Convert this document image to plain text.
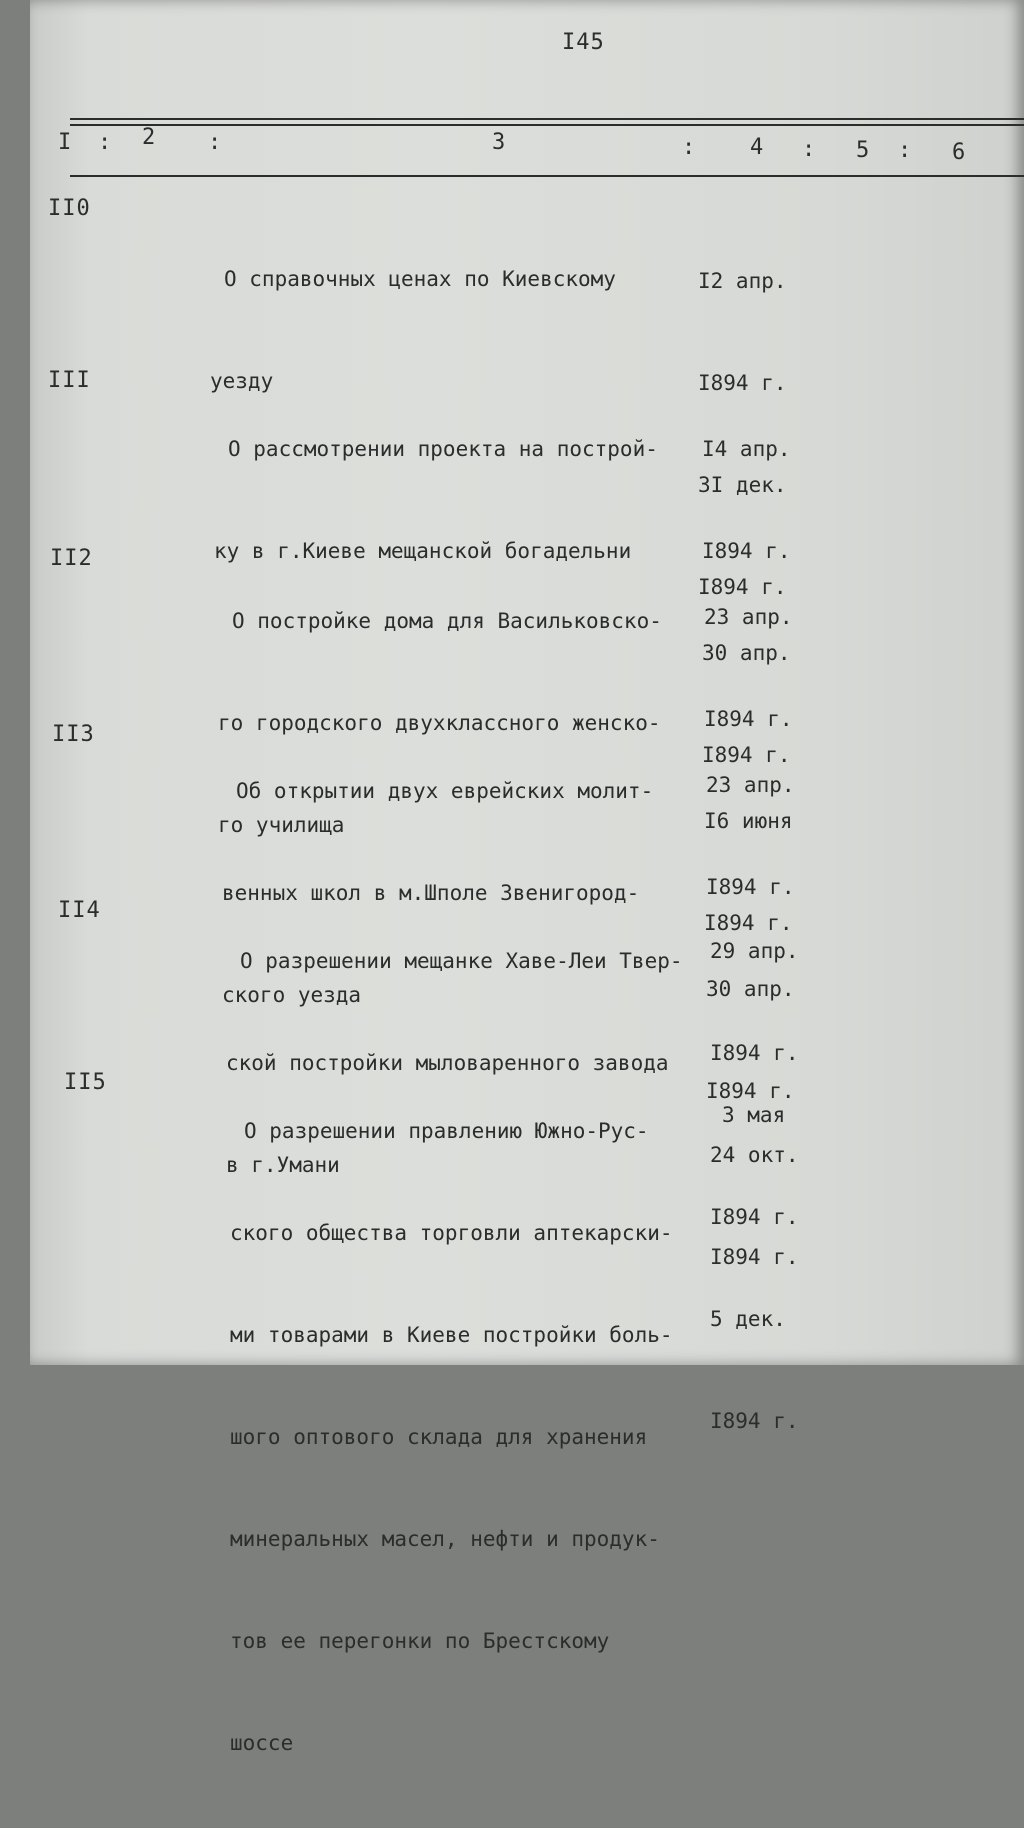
I45
I : 2 :	3	: 4 : 5 : 6
II0

О справочных ценах по Киевскому

уезду

I2 апр.

I894 г.

3I дек.

I894 г.

III

О рассмотрении проекта на построй-

ку в г.Киеве мещанской богадельни

I4 апр.

I894 г.

30 апр.

I894 г.

II2

О постройке дома для Васильковско-

го городского двухклассного женско-

го училища

23 апр.

I894 г.

I6 июня

I894 г.

II3

Об открытии двух еврейских молит-

венных школ в м.Шполе Звенигород-

ского уезда

23 апр.

I894 г.

30 апр.

I894 г.

II4

О разрешении мещанке Хаве-Леи Твер-

ской постройки мыловаренного завода

в г.Умани

29 апр.

I894 г.

24 окт.

I894 г.

II5

О разрешении правлению Южно-Рус-

ского общества торговли аптекарски-

ми товарами в Киеве постройки боль-

шого оптового склада для хранения

минеральных масел, нефти и продук-

тов ее перегонки по Брестскому

шоссе

3 мая

I894 г.

5 дек.

I894 г.
